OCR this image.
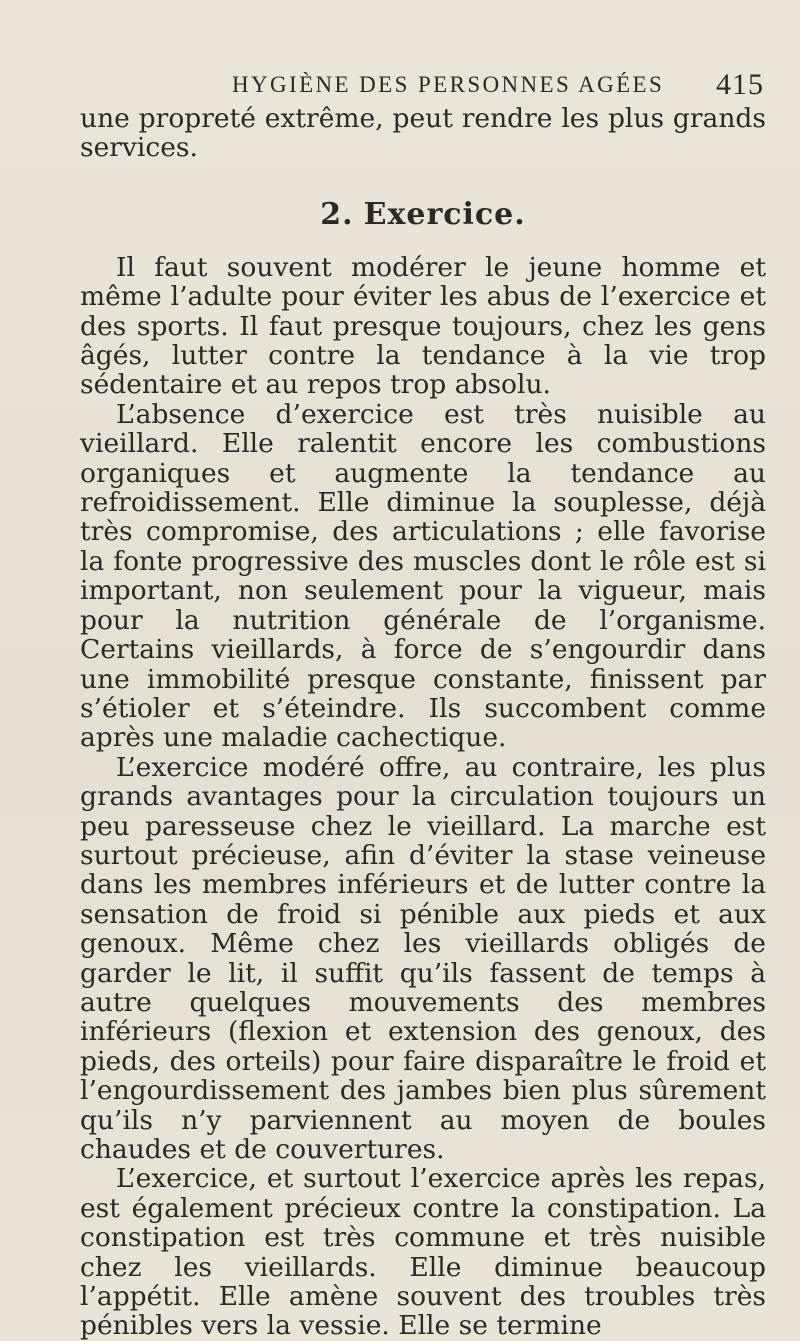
HYGIÈNE DES PERSONNES AGÉES 415

une propreté extrême, peut rendre les plus grands services.

2. Exercice.

Il faut souvent modérer le jeune homme et même l’adulte pour éviter les abus de l’exercice et des sports. Il faut presque toujours, chez les gens âgés, lutter contre la tendance à la vie trop sédentaire et au repos trop absolu.

L’absence d’exercice est très nuisible au vieillard. Elle ralentit encore les combustions organiques et augmente la tendance au refroidissement. Elle diminue la souplesse, déjà très compromise, des articulations ; elle favorise la fonte progressive des muscles dont le rôle est si important, non seulement pour la vigueur, mais pour la nutrition générale de l’organisme. Certains vieillards, à force de s’engourdir dans une immobilité presque constante, finissent par s’étioler et s’éteindre. Ils succombent comme après une maladie cachectique.

L’exercice modéré offre, au contraire, les plus grands avantages pour la circulation toujours un peu paresseuse chez le vieillard. La marche est surtout précieuse, afin d’éviter la stase veineuse dans les membres inférieurs et de lutter contre la sensation de froid si pénible aux pieds et aux genoux. Même chez les vieillards obligés de garder le lit, il suffit qu’ils fassent de temps à autre quelques mouvements des membres inférieurs (flexion et extension des genoux, des pieds, des orteils) pour faire disparaître le froid et l’engourdissement des jambes bien plus sûrement qu’ils n’y parviennent au moyen de boules chaudes et de couvertures.

L’exercice, et surtout l’exercice après les repas, est également précieux contre la constipation. La constipation est très commune et très nuisible chez les vieillards. Elle diminue beaucoup l’appétit. Elle amène souvent des troubles très pénibles vers la vessie. Elle se termine
